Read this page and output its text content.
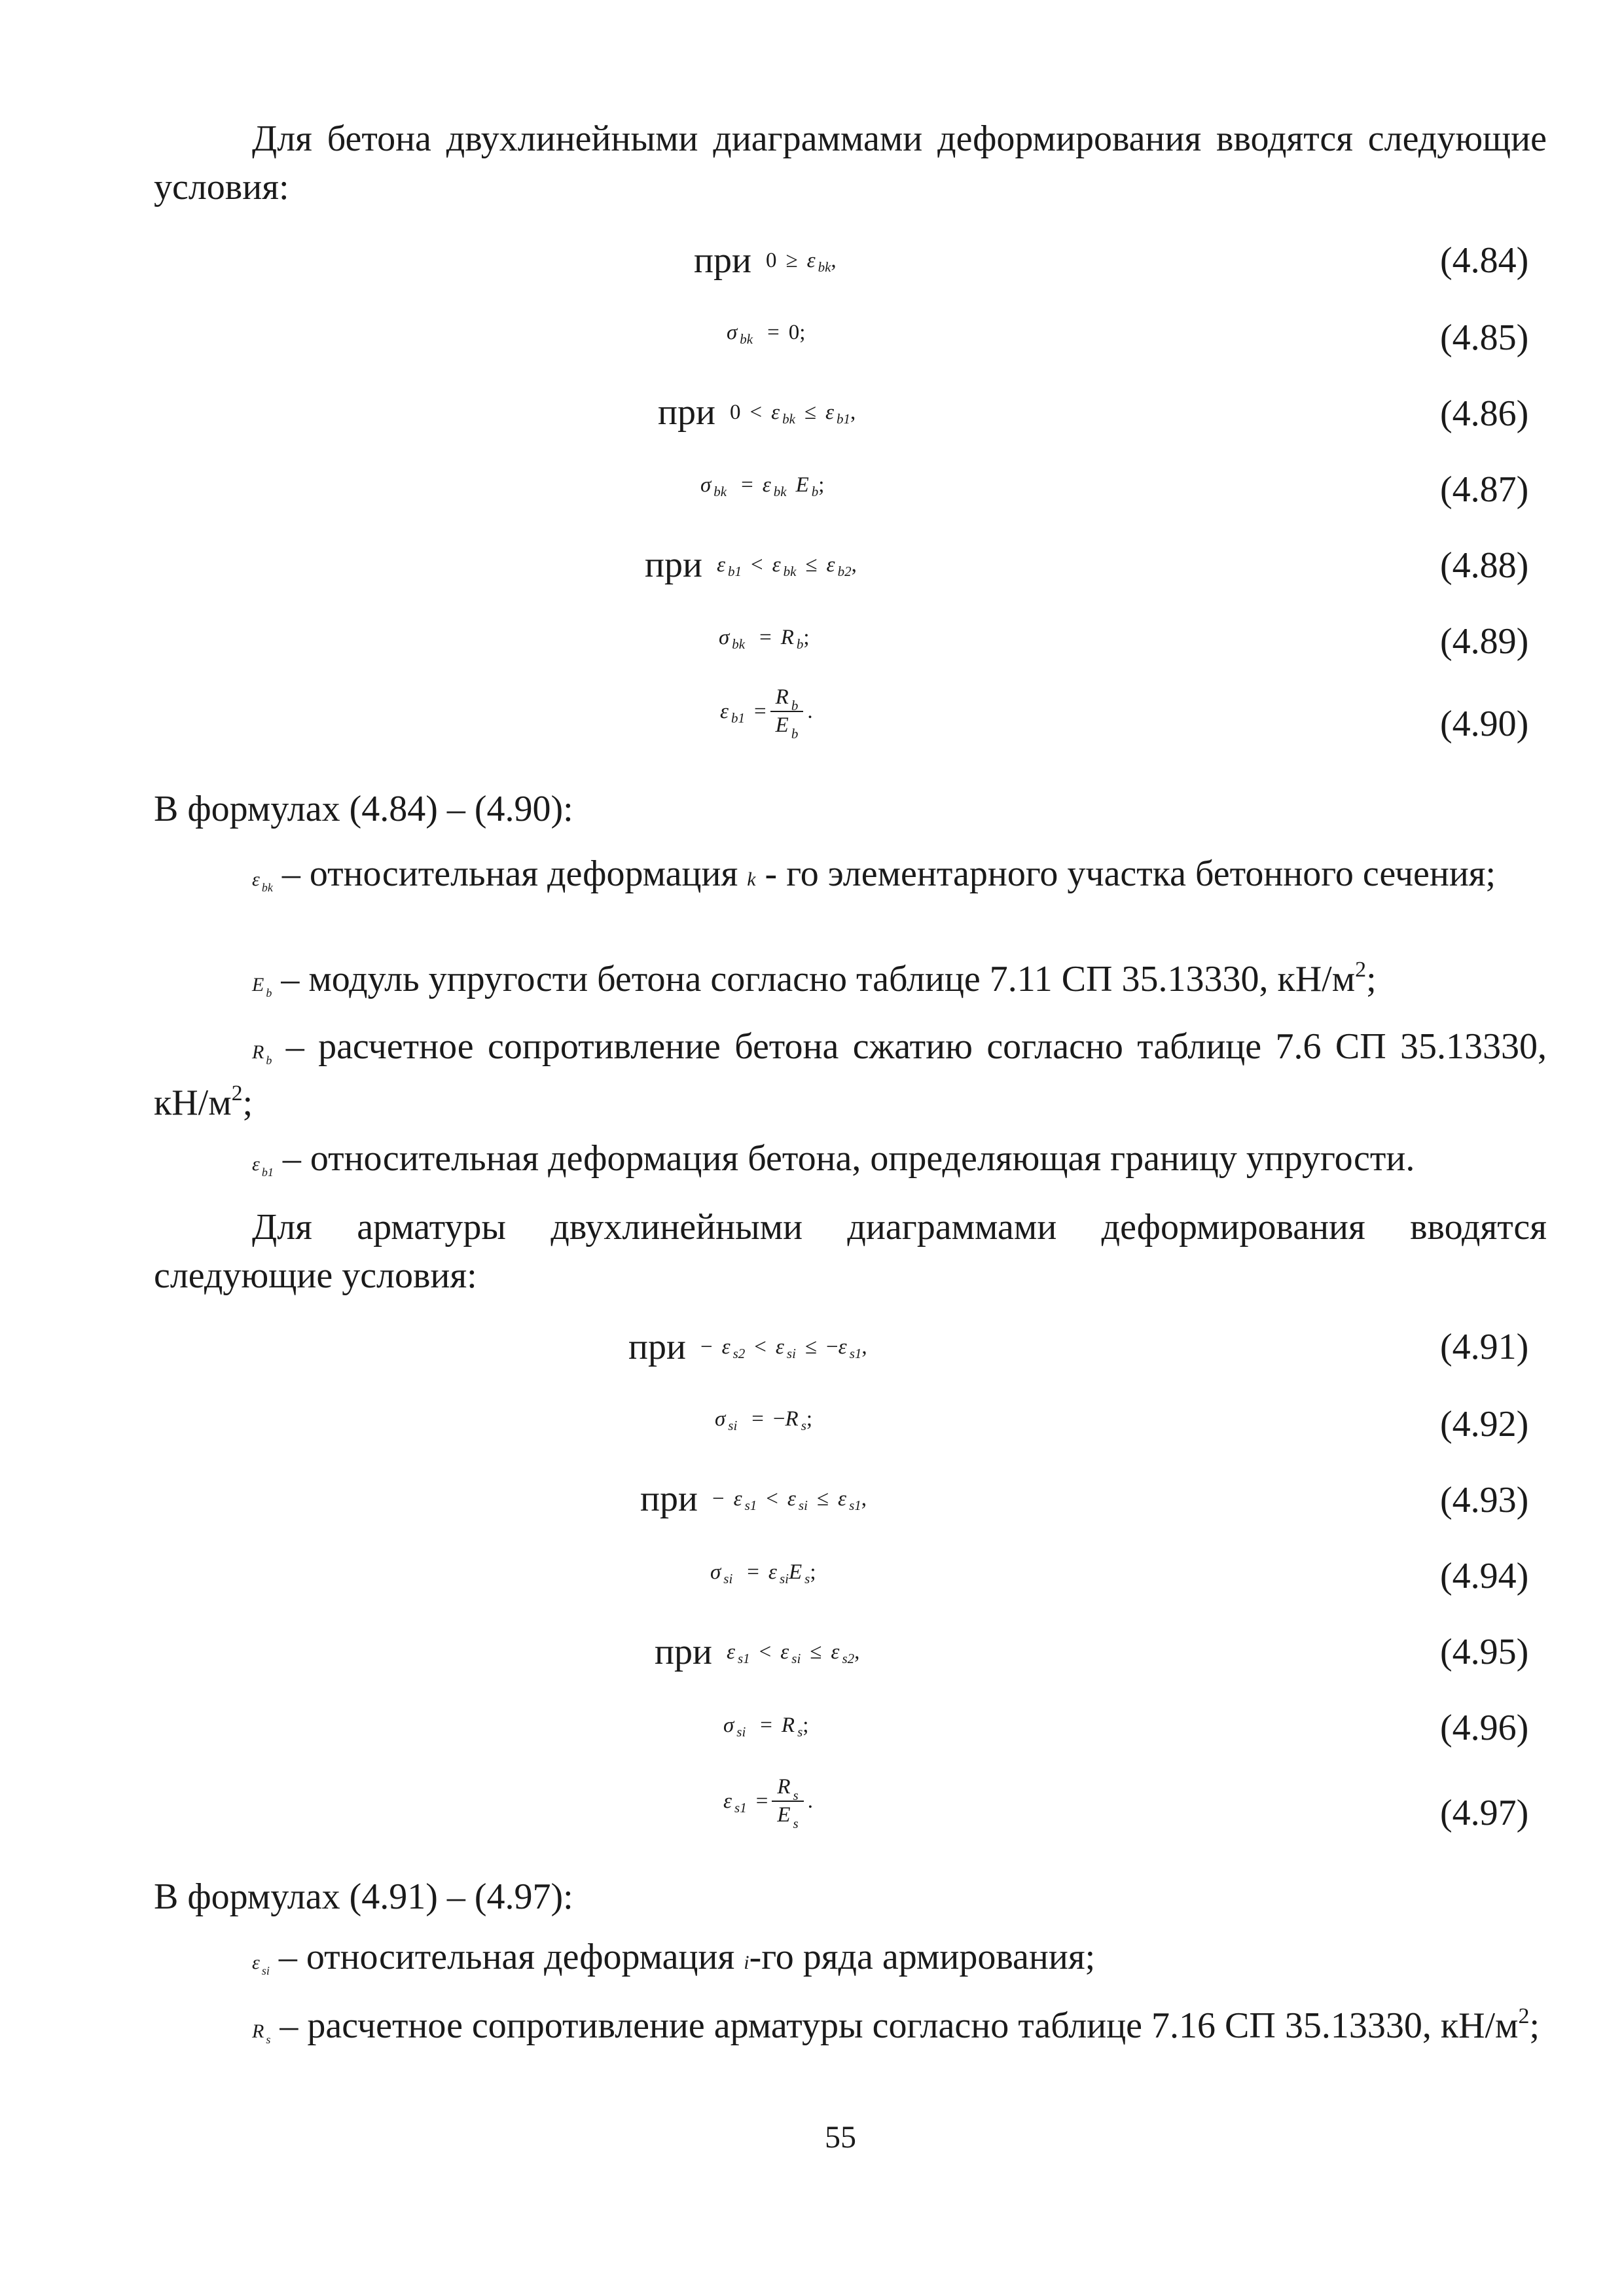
Для бетона двухлинейными диаграммами деформирования вводятся следующие условия:
при 0 ≥ ε bk ,	(4.84)
σ bk = 0 ;	(4.85)
при 0 < ε bk ≤ ε b1 ,	(4.86)
σ bk = ε bk E b ;	(4.87)
при ε b1 < ε bk ≤ ε b2 ,	(4.88)
σ bk = R b ;	(4.89)
ε $b1 = \frac{R _b}{E _b}$ .	(4.90)
В формулах (4.84) – (4.90):
εbk – относительная деформация k - го элементарного участка бетонного сечения;
Eb – модуль упругости бетона согласно таблице 7.11 СП 35.13330, $кН/м^2$;
Rb – расчетное сопротивление бетона сжатию согласно таблице 7.6 СП 35.13330, $кН/м^2$;
εb1 – относительная деформация бетона, определяющая границу упругости.
Для арматуры двухлинейными диаграммами деформирования вводятся следующие условия:
при − ε s2 < ε si ≤ − ε s1 ,	(4.91)
σ si = − R s ;	(4.92)
при − ε s1 < ε si ≤ ε s1 ,	(4.93)
σ si = ε si E s ;	(4.94)
при ε s1 < ε si ≤ ε s2 ,	(4.95)
σ si = R s ;	(4.96)
ε $s1 = \frac{R _s}{E _s}$ .	(4.97)
В формулах (4.91) – (4.97):
εsi – относительная деформация i-го ряда армирования;
Rs – расчетное сопротивление арматуры согласно таблице 7.16 СП 35.13330, $кН/м^2$;
55
